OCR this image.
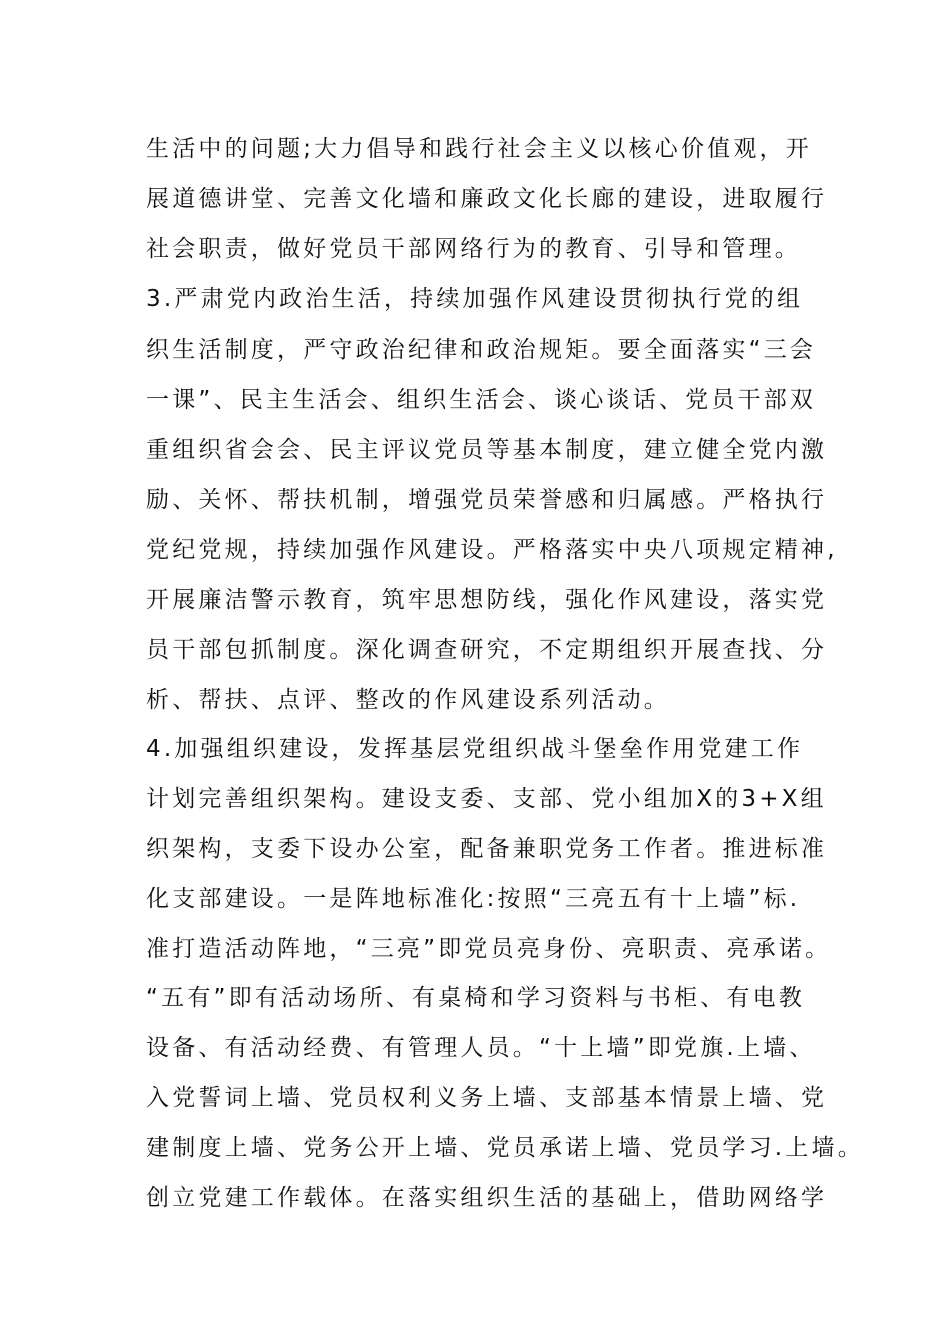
生活中的问题;大力倡导和践行社会主义以核心价值观，开
展道德讲堂、完善文化墙和廉政文化长廊的建设，进取履行
社会职责，做好党员干部网络行为的教育、引导和管理。
3.严肃党内政治生活，持续加强作风建设贯彻执行党的组
织生活制度，严守政治纪律和政治规矩。要全面落实“三会
一课”、民主生活会、组织生活会、谈心谈话、党员干部双
重组织省会会、民主评议党员等基本制度，建立健全党内激
励、关怀、帮扶机制，增强党员荣誉感和归属感。严格执行
党纪党规，持续加强作风建设。严格落实中央八项规定精神,
开展廉洁警示教育，筑牢思想防线，强化作风建设，落实党
员干部包抓制度。深化调查研究，不定期组织开展查找、分
析、帮扶、点评、整改的作风建设系列活动。
4.加强组织建设，发挥基层党组织战斗堡垒作用党建工作
计划完善组织架构。建设支委、支部、党小组加X的3+X组
织架构，支委下设办公室，配备兼职党务工作者。推进标准
化支部建设。一是阵地标准化:按照“三亮五有十上墙”标.
准打造活动阵地，“三亮”即党员亮身份、亮职责、亮承诺。
“五有”即有活动场所、有桌椅和学习资料与书柜、有电教
设备、有活动经费、有管理人员。“十上墙”即党旗.上墙、
入党誓词上墙、党员权利义务上墙、支部基本情景上墙、党
建制度上墙、党务公开上墙、党员承诺上墙、党员学习.上墙。
创立党建工作载体。在落实组织生活的基础上，借助网络学
